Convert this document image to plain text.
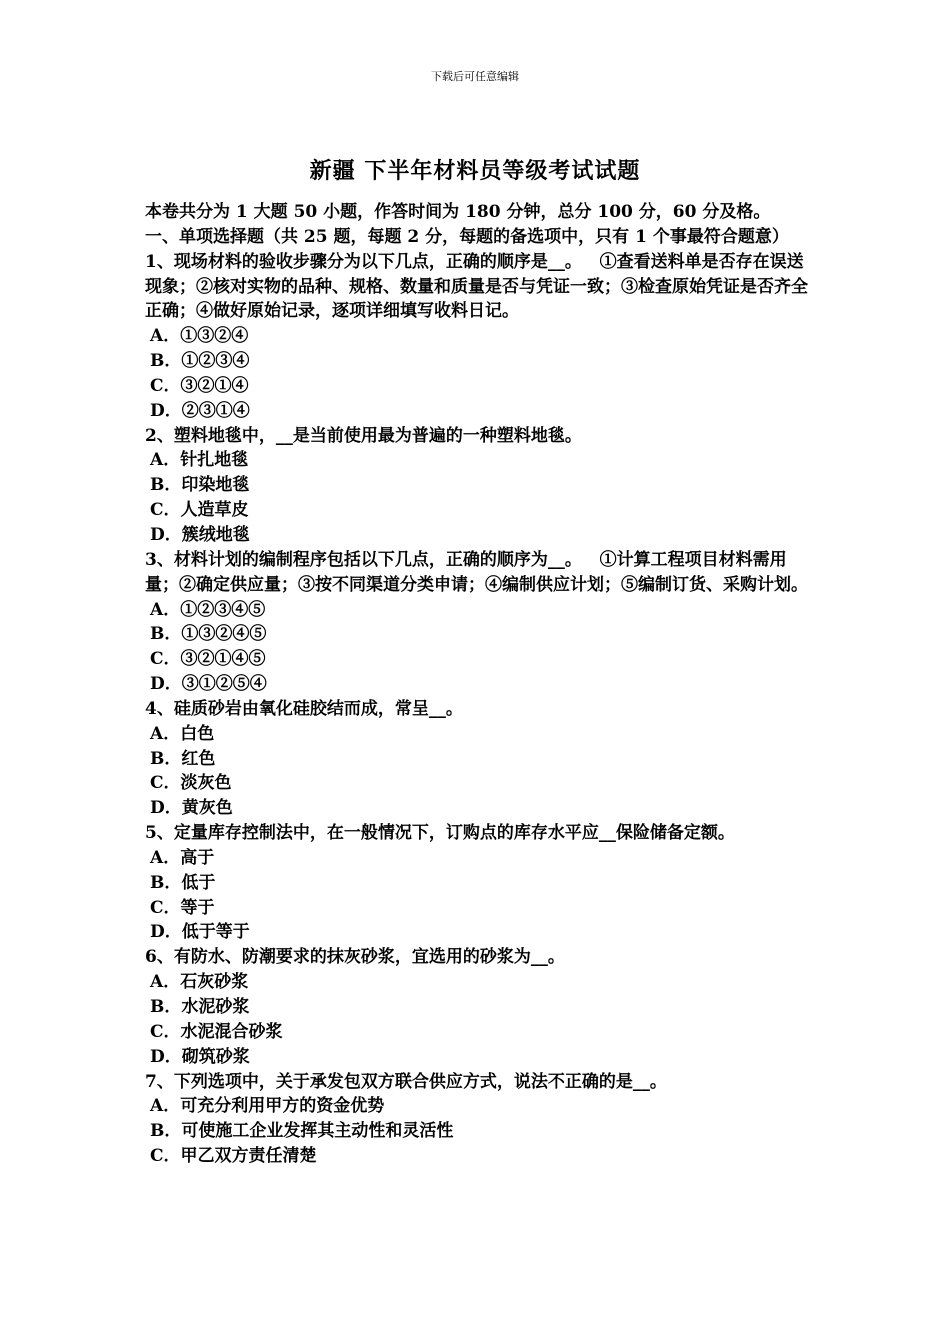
下载后可任意编辑
新疆 下半年材料员等级考试试题
本卷共分为 1 大题 50 小题，作答时间为 180 分钟，总分 100 分，60 分及格。
一、单项选择题（共 25 题，每题 2 分，每题的备选项中，只有 1 个事最符合题意）
1、现场材料的验收步骤分为以下几点，正确的顺序是__。   ①查看送料单是否存在误送现象；②核对实物的品种、规格、数量和质量是否与凭证一致；③检查原始凭证是否齐全正确；④做好原始记录，逐项详细填写收料日记。
A．①③②④
B．①②③④
C．③②①④
D．②③①④
2、塑料地毯中，__是当前使用最为普遍的一种塑料地毯。
A．针扎地毯
B．印染地毯
C．人造草皮
D．簇绒地毯
3、材料计划的编制程序包括以下几点，正确的顺序为__。   ①计算工程项目材料需用量；②确定供应量；③按不同渠道分类申请；④编制供应计划；⑤编制订货、采购计划。
A．①②③④⑤
B．①③②④⑤
C．③②①④⑤
D．③①②⑤④
4、硅质砂岩由氧化硅胶结而成，常呈__。
A．白色
B．红色
C．淡灰色
D．黄灰色
5、定量库存控制法中，在一般情况下，订购点的库存水平应__保险储备定额。
A．高于
B．低于
C．等于
D．低于等于
6、有防水、防潮要求的抹灰砂浆，宜选用的砂浆为__。
A．石灰砂浆
B．水泥砂浆
C．水泥混合砂浆
D．砌筑砂浆
7、下列选项中，关于承发包双方联合供应方式，说法不正确的是__。
A．可充分利用甲方的资金优势
B．可使施工企业发挥其主动性和灵活性
C．甲乙双方责任清楚
